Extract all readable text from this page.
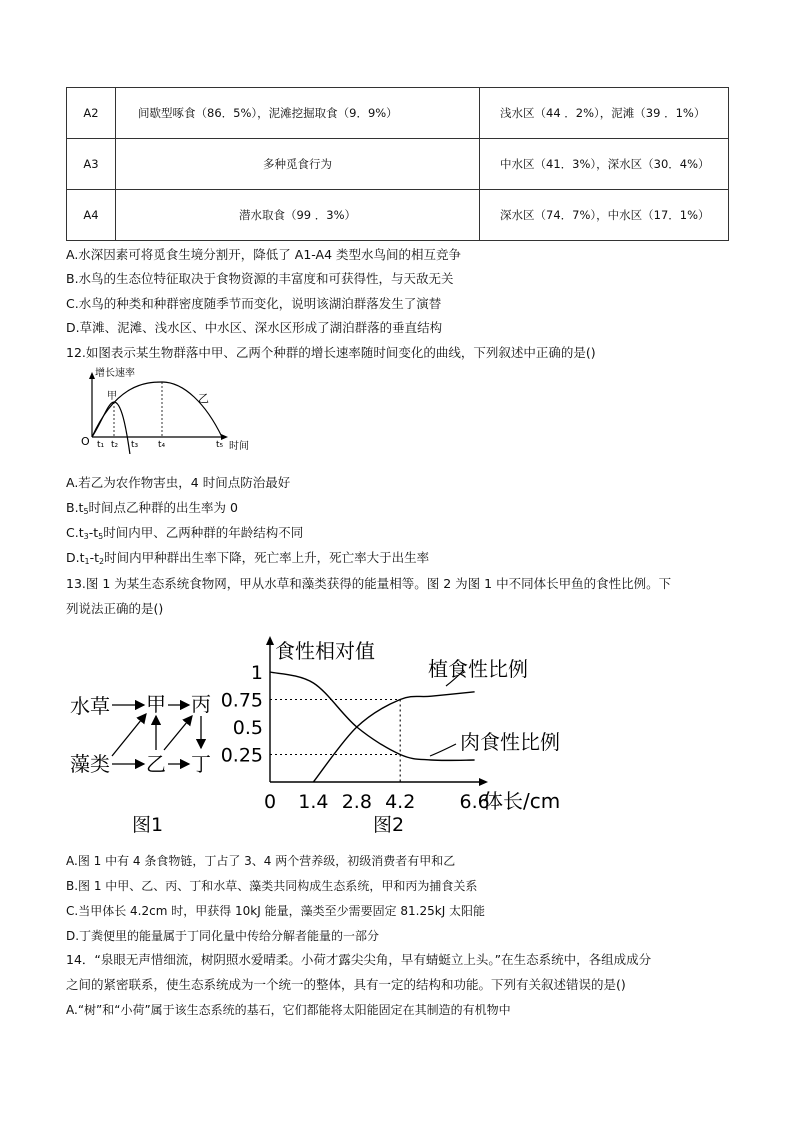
A2	间歇型啄食（86．5%），泥滩挖掘取食（9．9%）	浅水区（44 ．2%），泥滩（39 ．1%）
A3	多种觅食行为	中水区（41．3%），深水区（30．4%）
A4	潜水取食（99 ．3%）	深水区（74．7%），中水区（17．1%）
A.水深因素可将觅食生境分割开，降低了 A1-A4 类型水鸟间的相互竞争
B.水鸟的生态位特征取决于食物资源的丰富度和可获得性，与天敌无关
C.水鸟的种类和种群密度随季节而变化，说明该湖泊群落发生了演替
D.草滩、泥滩、浅水区、中水区、深水区形成了湖泊群落的垂直结构
12.如图表示某生物群落中甲、乙两个种群的增长速率随时间变化的曲线，下列叙述中正确的是()
增长速率
时间
O t₁ t₂ t₃ t₄	t₅
甲	乙
A.若乙为农作物害虫，4 时间点防治最好
$B.t_5$时间点乙种群的出生率为 0
$C.t_3-t_5$时间内甲、乙两种群的年龄结构不同
$D.t_1-t_2$时间内甲种群出生率下降，死亡率上升，死亡率大于出生率
13.图 1 为某生态系统食物网，甲从水草和藻类获得的能量相等。图 2 为图 1 中不同体长甲鱼的食性比例。下
列说法正确的是()
水草 甲 丙
藻类 乙 丁
图1
食性相对值
1
0.75
0.5
0.25
0 1.4 2.8 4.2 6.6
体长/cm
植食性比例
肉食性比例
图2
A.图 1 中有 4 条食物链，丁占了 3、4 两个营养级，初级消费者有甲和乙
B.图 1 中甲、乙、丙、丁和水草、藻类共同构成生态系统，甲和丙为捕食关系
C.当甲体长 4.2cm 时，甲获得 10kJ 能量，藻类至少需要固定 81.25kJ 太阳能
D.丁粪便里的能量属于丁同化量中传给分解者能量的一部分
14．“泉眼无声惜细流，树阴照水爱晴柔。小荷才露尖尖角，早有蜻蜓立上头。”在生态系统中，各组成成分
之间的紧密联系，使生态系统成为一个统一的整体，具有一定的结构和功能。下列有关叙述错误的是()
A.“树”和“小荷”属于该生态系统的基石，它们都能将太阳能固定在其制造的有机物中
